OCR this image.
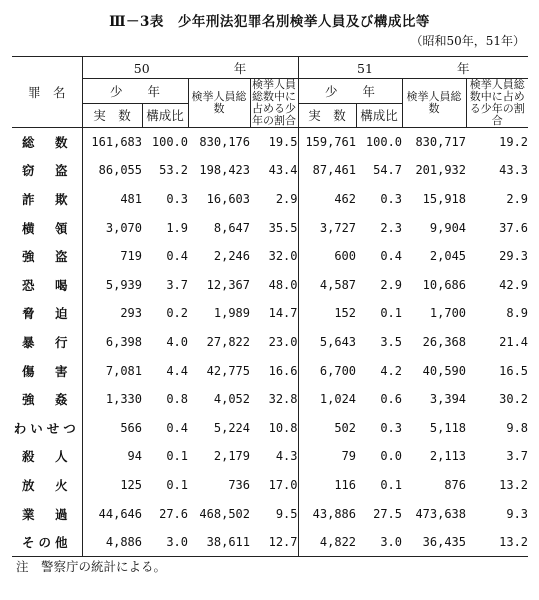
Ⅲ－3表　少年刑法犯罪名別検挙人員及び構成比等
（昭和50年，51年）
罪　名	50 年				51 年			
	少　　年		検挙人員総数	検挙人員総数中に占める少年の割合	少　　年		検挙人員総数	検挙人員総数中に占める少年の割合
	実　数	構成比			実　数	構成比		
総　数	161,683	100.0	830,176	19.5	159,761	100.0	830,717	19.2
窃　盗	86,055	53.2	198,423	43.4	87,461	54.7	201,932	43.3
詐　欺	481	0.3	16,603	2.9	462	0.3	15,918	2.9
横　領	3,070	1.9	8,647	35.5	3,727	2.3	9,904	37.6
強　盗	719	0.4	2,246	32.0	600	0.4	2,045	29.3
恐　喝	5,939	3.7	12,367	48.0	4,587	2.9	10,686	42.9
脅　迫	293	0.2	1,989	14.7	152	0.1	1,700	8.9
暴　行	6,398	4.0	27,822	23.0	5,643	3.5	26,368	21.4
傷　害	7,081	4.4	42,775	16.6	6,700	4.2	40,590	16.5
強　姦	1,330	0.8	4,052	32.8	1,024	0.6	3,394	30.2
わいせつ	566	0.4	5,224	10.8	502	0.3	5,118	9.8
殺　人	94	0.1	2,179	4.3	79	0.0	2,113	3.7
放　火	125	0.1	736	17.0	116	0.1	876	13.2
業　過	44,646	27.6	468,502	9.5	43,886	27.5	473,638	9.3
その他	4,886	3.0	38,611	12.7	4,822	3.0	36,435	13.2
注　警察庁の統計による。
